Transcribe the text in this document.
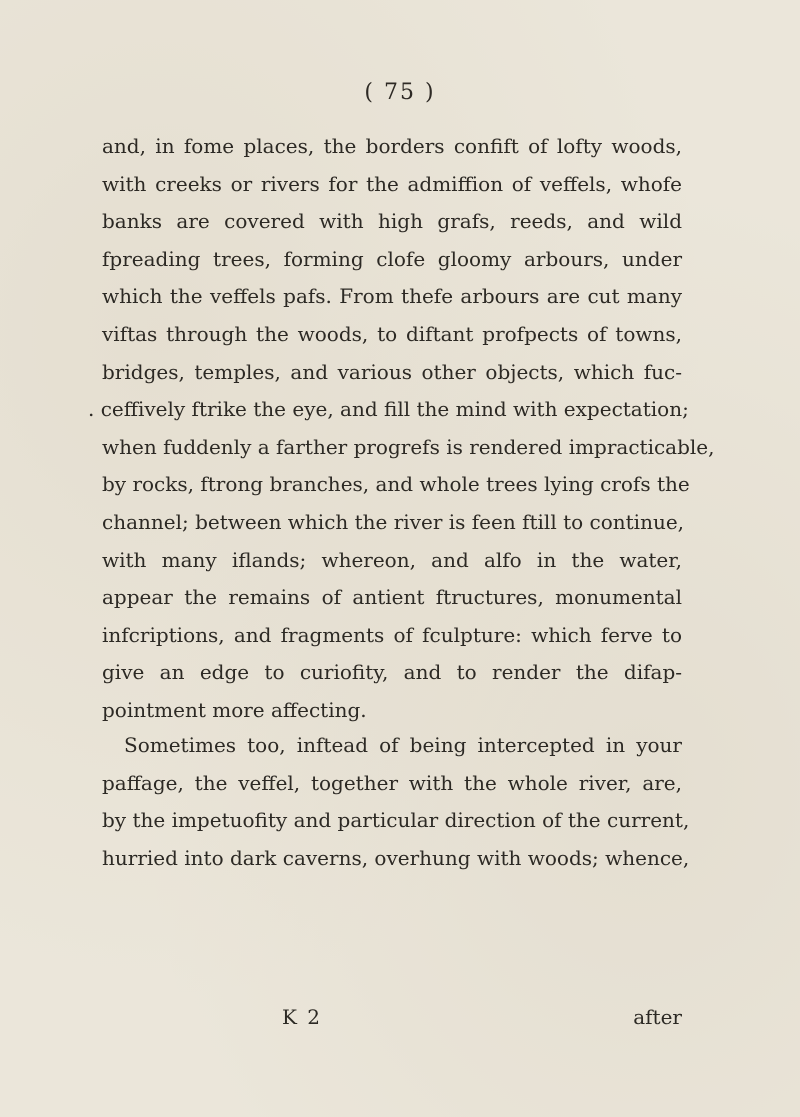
( 75 )
and, in fome places, the borders confift of lofty woods,
with creeks or rivers for the admiffion of veffels, whofe
banks are covered with high grafs, reeds, and wild
fpreading trees, forming clofe gloomy arbours, under
which the veffels pafs. From thefe arbours are cut many
viftas through the woods, to diftant profpects of towns,
bridges, temples, and various other objects, which fuc-
. ceffively ftrike the eye, and fill the mind with expectation;
when fuddenly a farther progrefs is rendered impracticable,
by rocks, ftrong branches, and whole trees lying crofs the
channel; between which the river is feen ftill to continue,
with many iflands; whereon, and alfo in the water,
appear the remains of antient ftructures, monumental
infcriptions, and fragments of fculpture: which ferve to
give an edge to curiofity, and to render the difap-
pointment more affecting.
Sometimes too, inftead of being intercepted in your
paffage, the veffel, together with the whole river, are,
by the impetuofity and particular direction of the current,
hurried into dark caverns, overhung with woods; whence,
K 2	after
